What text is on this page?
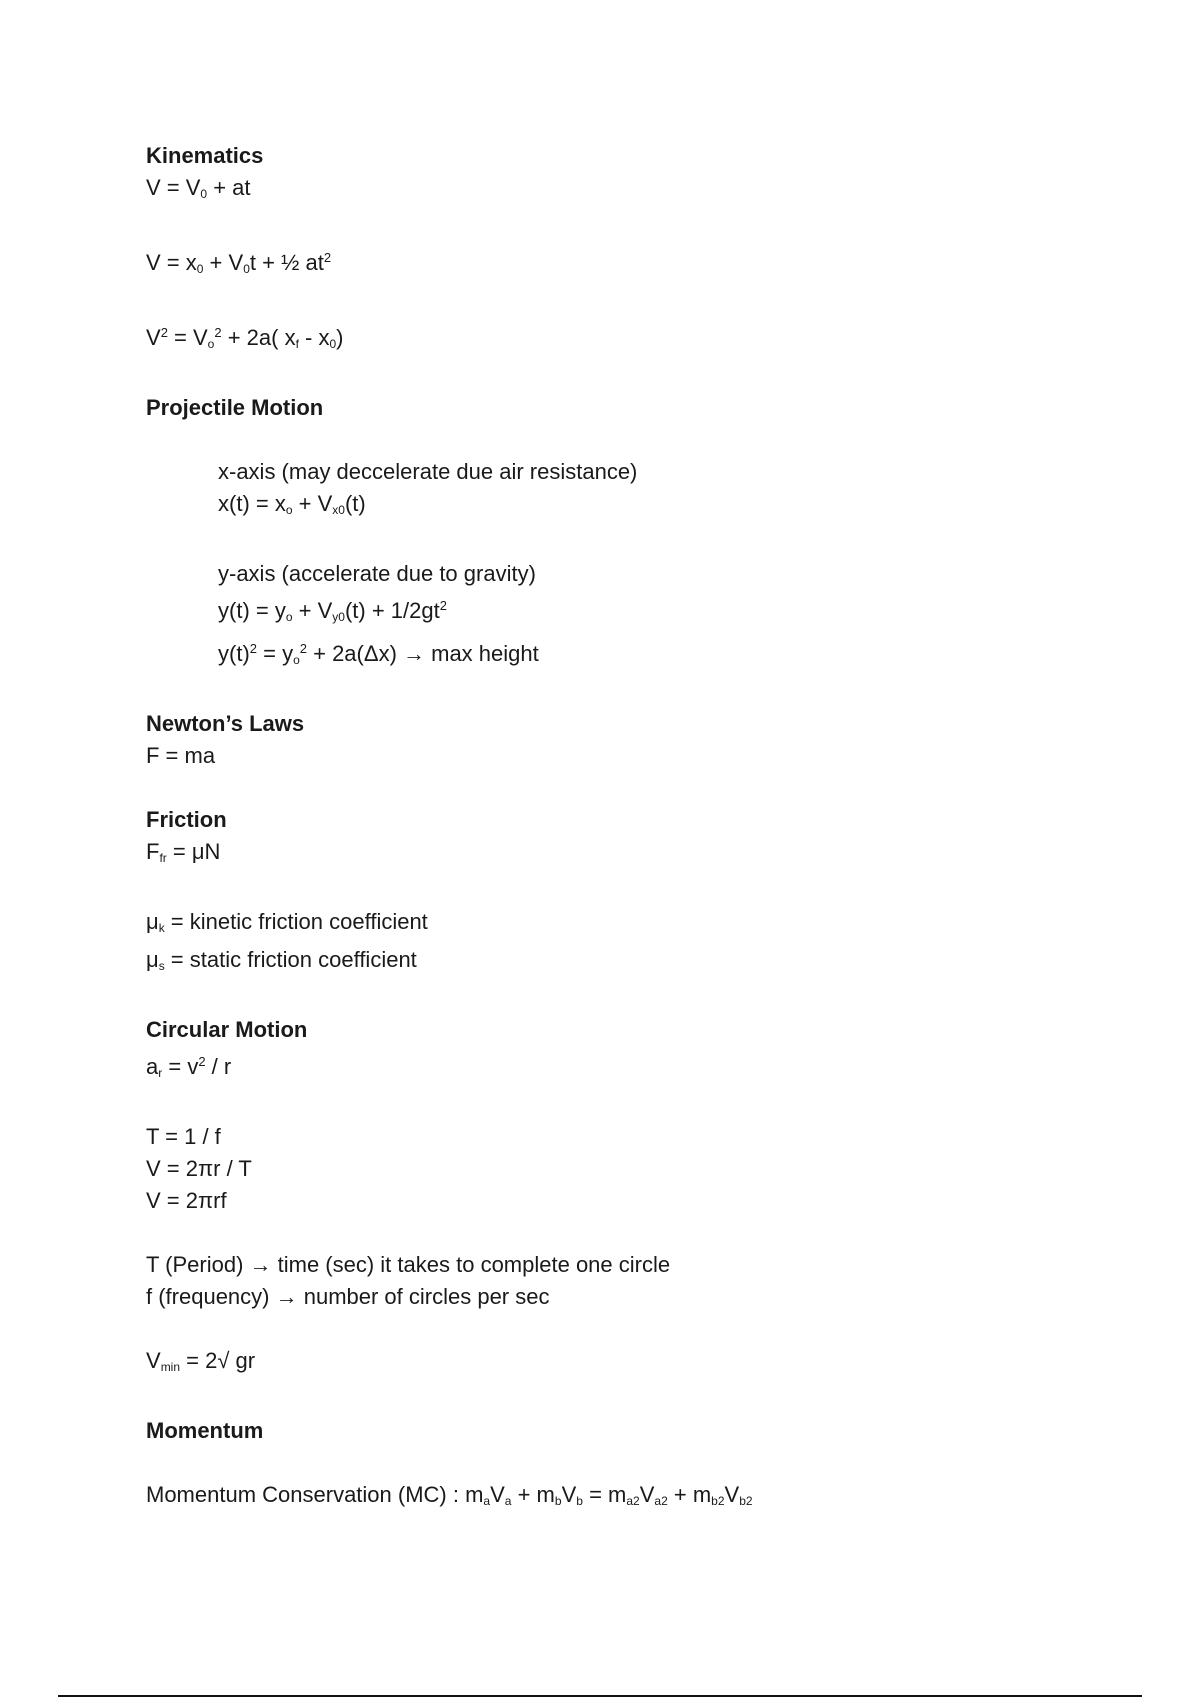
Kinematics
$V = V_0$ + at
$V = x_0 + V_0t$ + ½ $at^2$
$V^2 = V_o^2 + 2a$( $x_f - x_0$)
Projectile Motion
x-axis (may deccelerate due air resistance)
$x(t) = x_o + V_{x0}(t)$
y-axis (accelerate due to gravity)
$y(t) = y_o + V_{y0}(t) + 1/2gt^2$
$y(t)^2 = y_o^2 + 2a(\Delta x) \to \max$ height
Newton’s Laws
F = ma
Friction
$F_{fr} = \mu N$
$\mu_k$ = kinetic friction coefficient
$\mu_s$ = static friction coefficient
Circular Motion
$a_r = v^2 / r$
T = 1 / f
V = 2πr / T
V = 2πrf
T (Period) → time (sec) it takes to complete one circle
f (frequency) → number of circles per sec
$V_{min} = 2√$ gr
Momentum
Momentum Conservation (MC) : $m_aV_a + m_bV_b = m_{a2}V_{a2} + m_{b2}V_{b2}$
